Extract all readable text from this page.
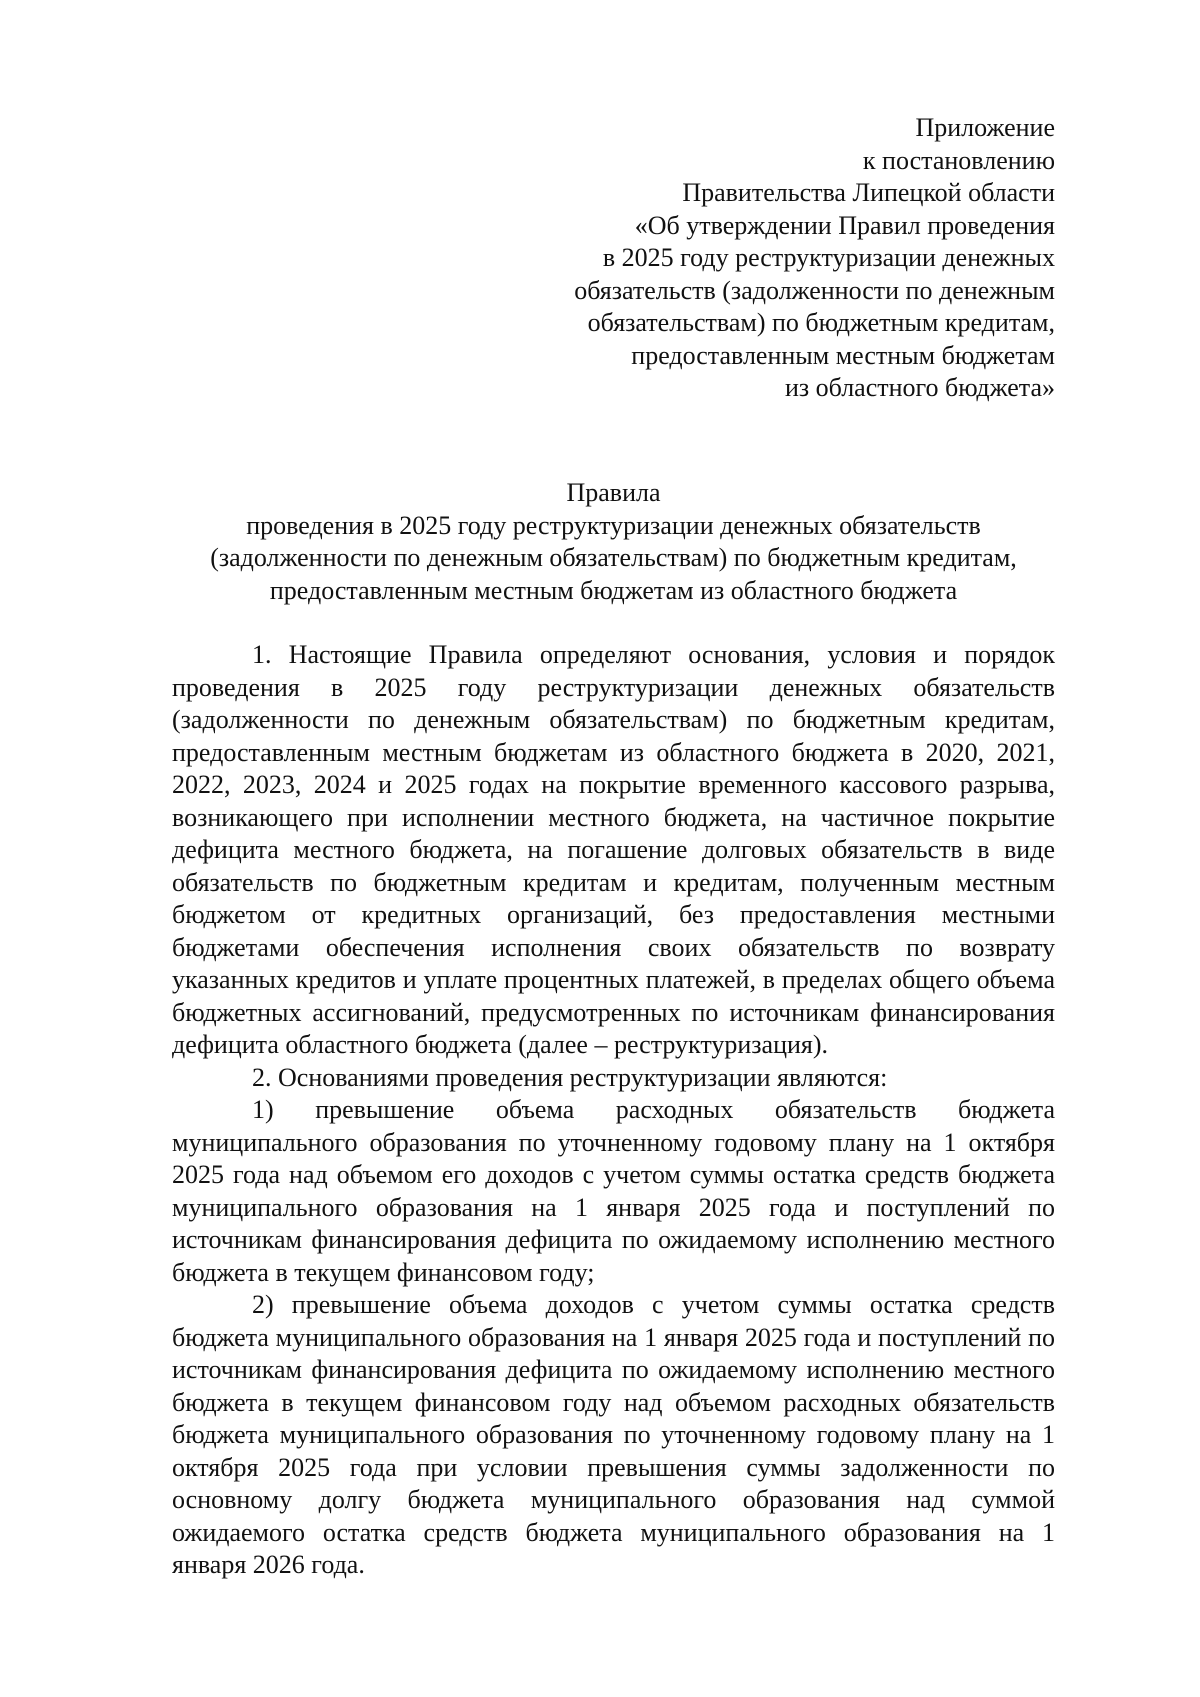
Приложение
к постановлению
Правительства Липецкой области
«Об утверждении Правил проведения
в 2025 году реструктуризации денежных
обязательств (задолженности по денежным
обязательствам) по бюджетным кредитам,
предоставленным местным бюджетам
из областного бюджета»
Правила
проведения в 2025 году реструктуризации денежных обязательств
(задолженности по денежным обязательствам) по бюджетным кредитам,
предоставленным местным бюджетам из областного бюджета

1. Настоящие Правила определяют основания, условия и порядок проведения в 2025 году реструктуризации денежных обязательств (задолженности по денежным обязательствам) по бюджетным кредитам, предоставленным местным бюджетам из областного бюджета в 2020, 2021, 2022, 2023, 2024 и 2025 годах на покрытие временного кассового разрыва, возникающего при исполнении местного бюджета, на частичное покрытие дефицита местного бюджета, на погашение долговых обязательств в виде обязательств по бюджетным кредитам и кредитам, полученным местным бюджетом от кредитных организаций, без предоставления местными бюджетами обеспечения исполнения своих обязательств по возврату указанных кредитов и уплате процентных платежей, в пределах общего объема бюджетных ассигнований, предусмотренных по источникам финансирования дефицита областного бюджета (далее – реструктуризация).

2. Основаниями проведения реструктуризации являются:

1) превышение объема расходных обязательств бюджета муниципального образования по уточненному годовому плану на 1 октября 2025 года над объемом его доходов с учетом суммы остатка средств бюджета муниципального образования на 1 января 2025 года и поступлений по источникам финансирования дефицита по ожидаемому исполнению местного бюджета в текущем финансовом году;

2) превышение объема доходов с учетом суммы остатка средств бюджета муниципального образования на 1 января 2025 года и поступлений по источникам финансирования дефицита по ожидаемому исполнению местного бюджета в текущем финансовом году над объемом расходных обязательств бюджета муниципального образования по уточненному годовому плану на 1 октября 2025 года при условии превышения суммы задолженности по основному долгу бюджета муниципального образования над суммой ожидаемого остатка средств бюджета муниципального образования на 1 января 2026 года.
